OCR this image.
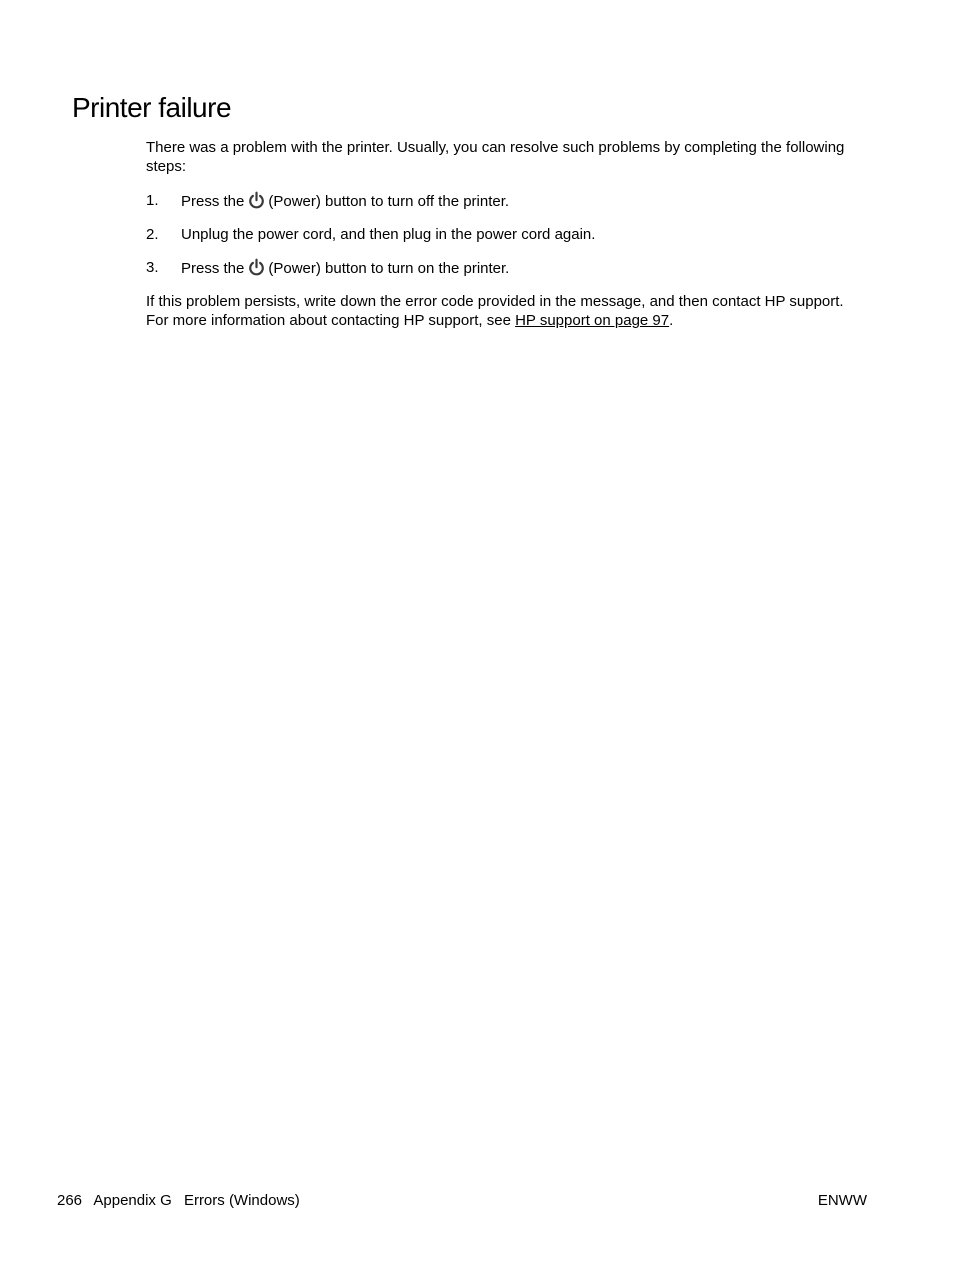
Printer failure

There was a problem with the printer. Usually, you can resolve such problems by completing the following steps:

1. Press the (Power) button to turn off the printer.
2. Unplug the power cord, and then plug in the power cord again.
3. Press the (Power) button to turn on the printer.

If this problem persists, write down the error code provided in the message, and then contact HP support. For more information about contacting HP support, see HP support on page 97.

266 Appendix G Errors (Windows)	ENWW
